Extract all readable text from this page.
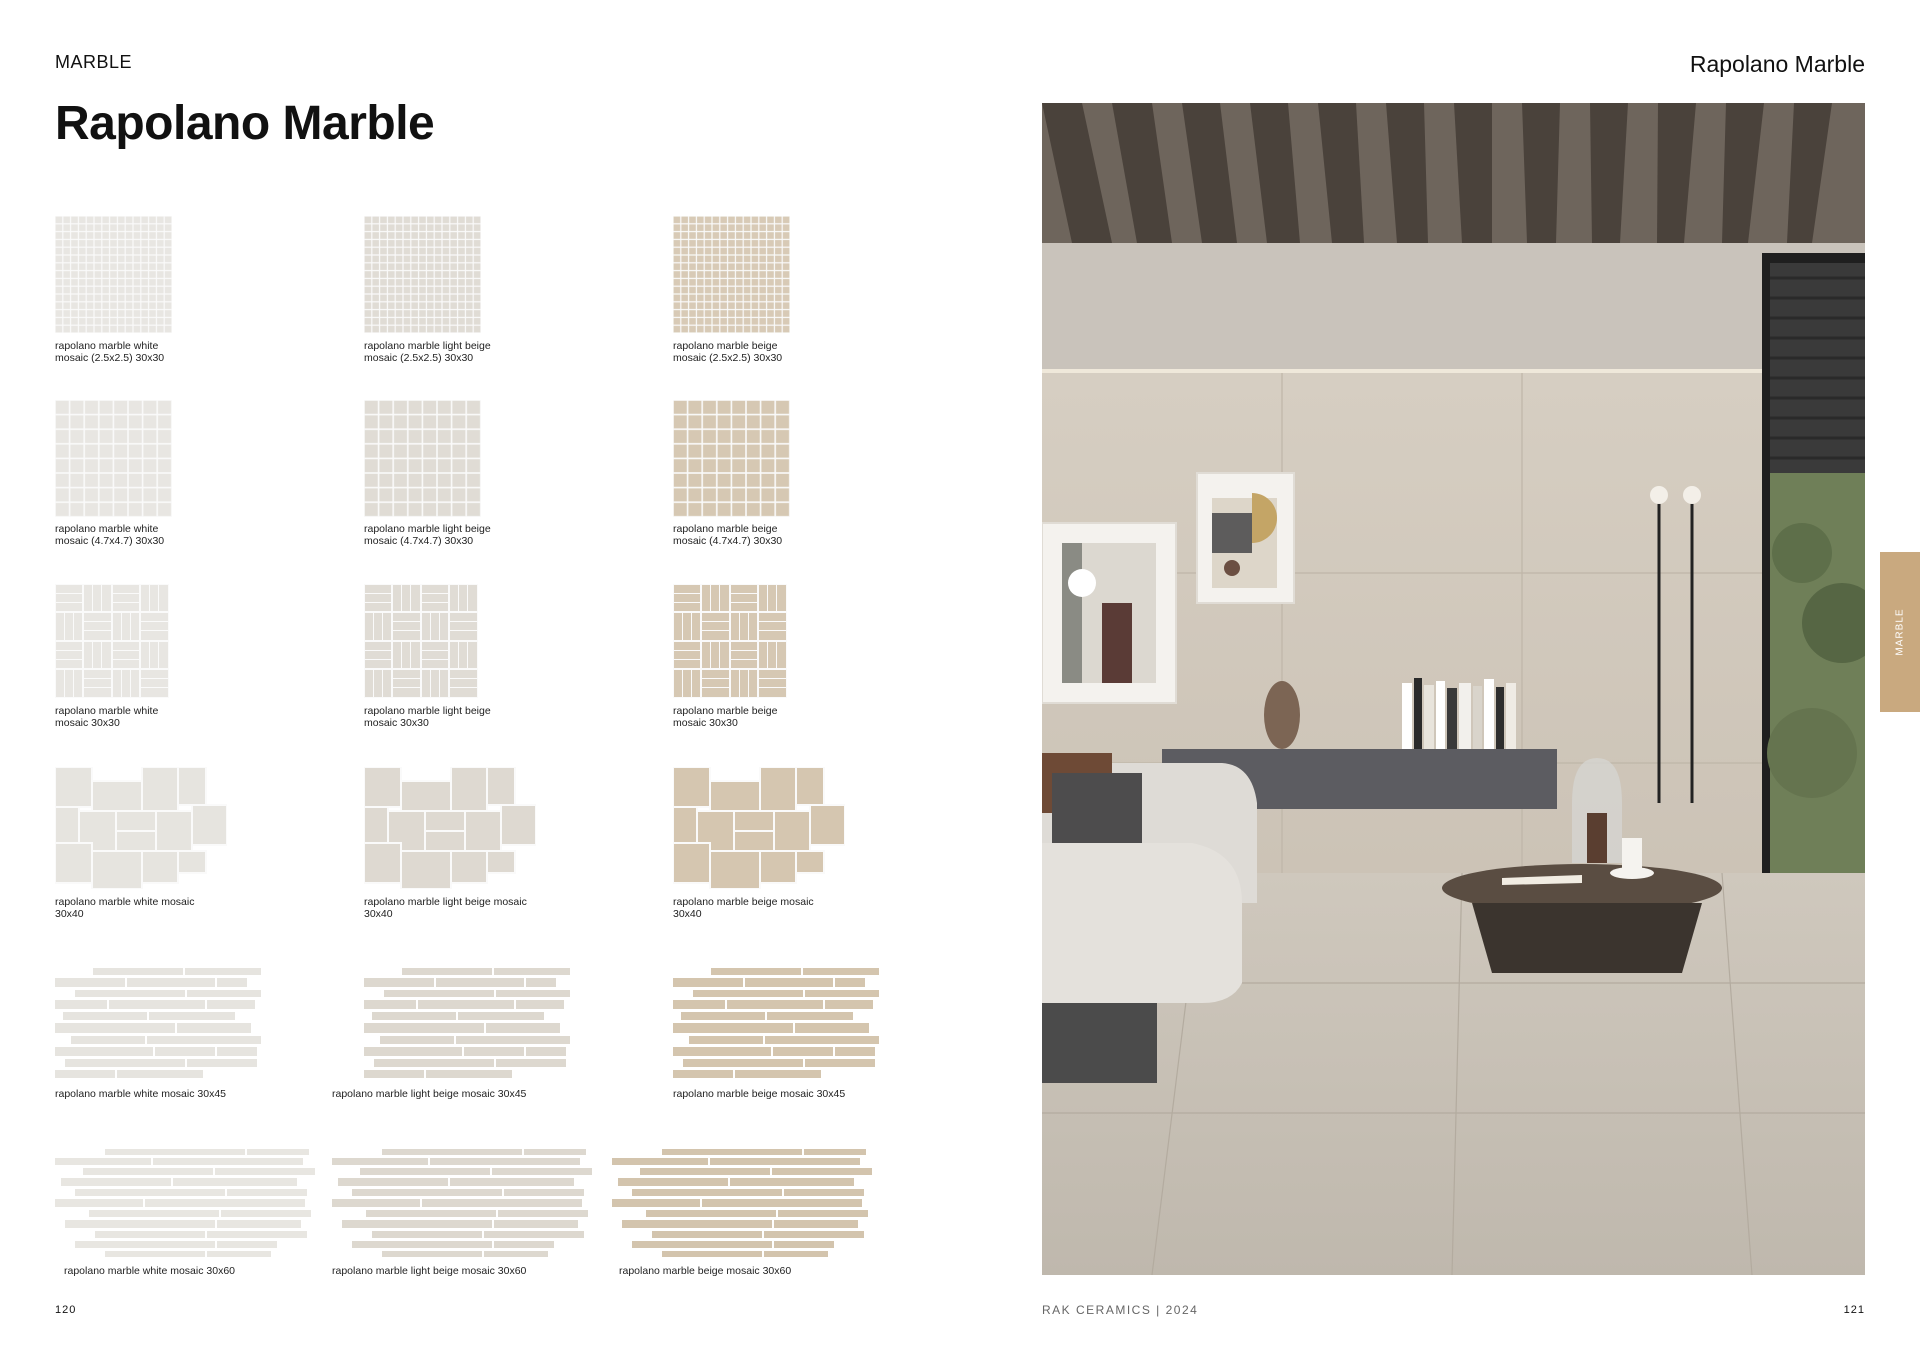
MARBLE
Rapolano Marble
Rapolano Marble
rapolano marble white
mosaic (2.5x2.5) 30x30
rapolano marble light beige
mosaic (2.5x2.5) 30x30
rapolano marble beige
mosaic (2.5x2.5) 30x30
rapolano marble white
mosaic (4.7x4.7) 30x30
rapolano marble light beige
mosaic (4.7x4.7) 30x30
rapolano marble beige
mosaic (4.7x4.7) 30x30
rapolano marble white
mosaic 30x30
rapolano marble light beige
mosaic 30x30
rapolano marble beige
mosaic 30x30
rapolano marble white mosaic
30x40
rapolano marble light beige mosaic
30x40
rapolano marble beige mosaic
30x40
rapolano marble white mosaic 30x45	rapolano marble light beige mosaic 30x45	rapolano marble beige mosaic 30x45
rapolano marble white mosaic 30x60	rapolano marble light beige mosaic 30x60	rapolano marble beige mosaic 30x60
MARBLE
120	RAK CERAMICS | 2024	121
